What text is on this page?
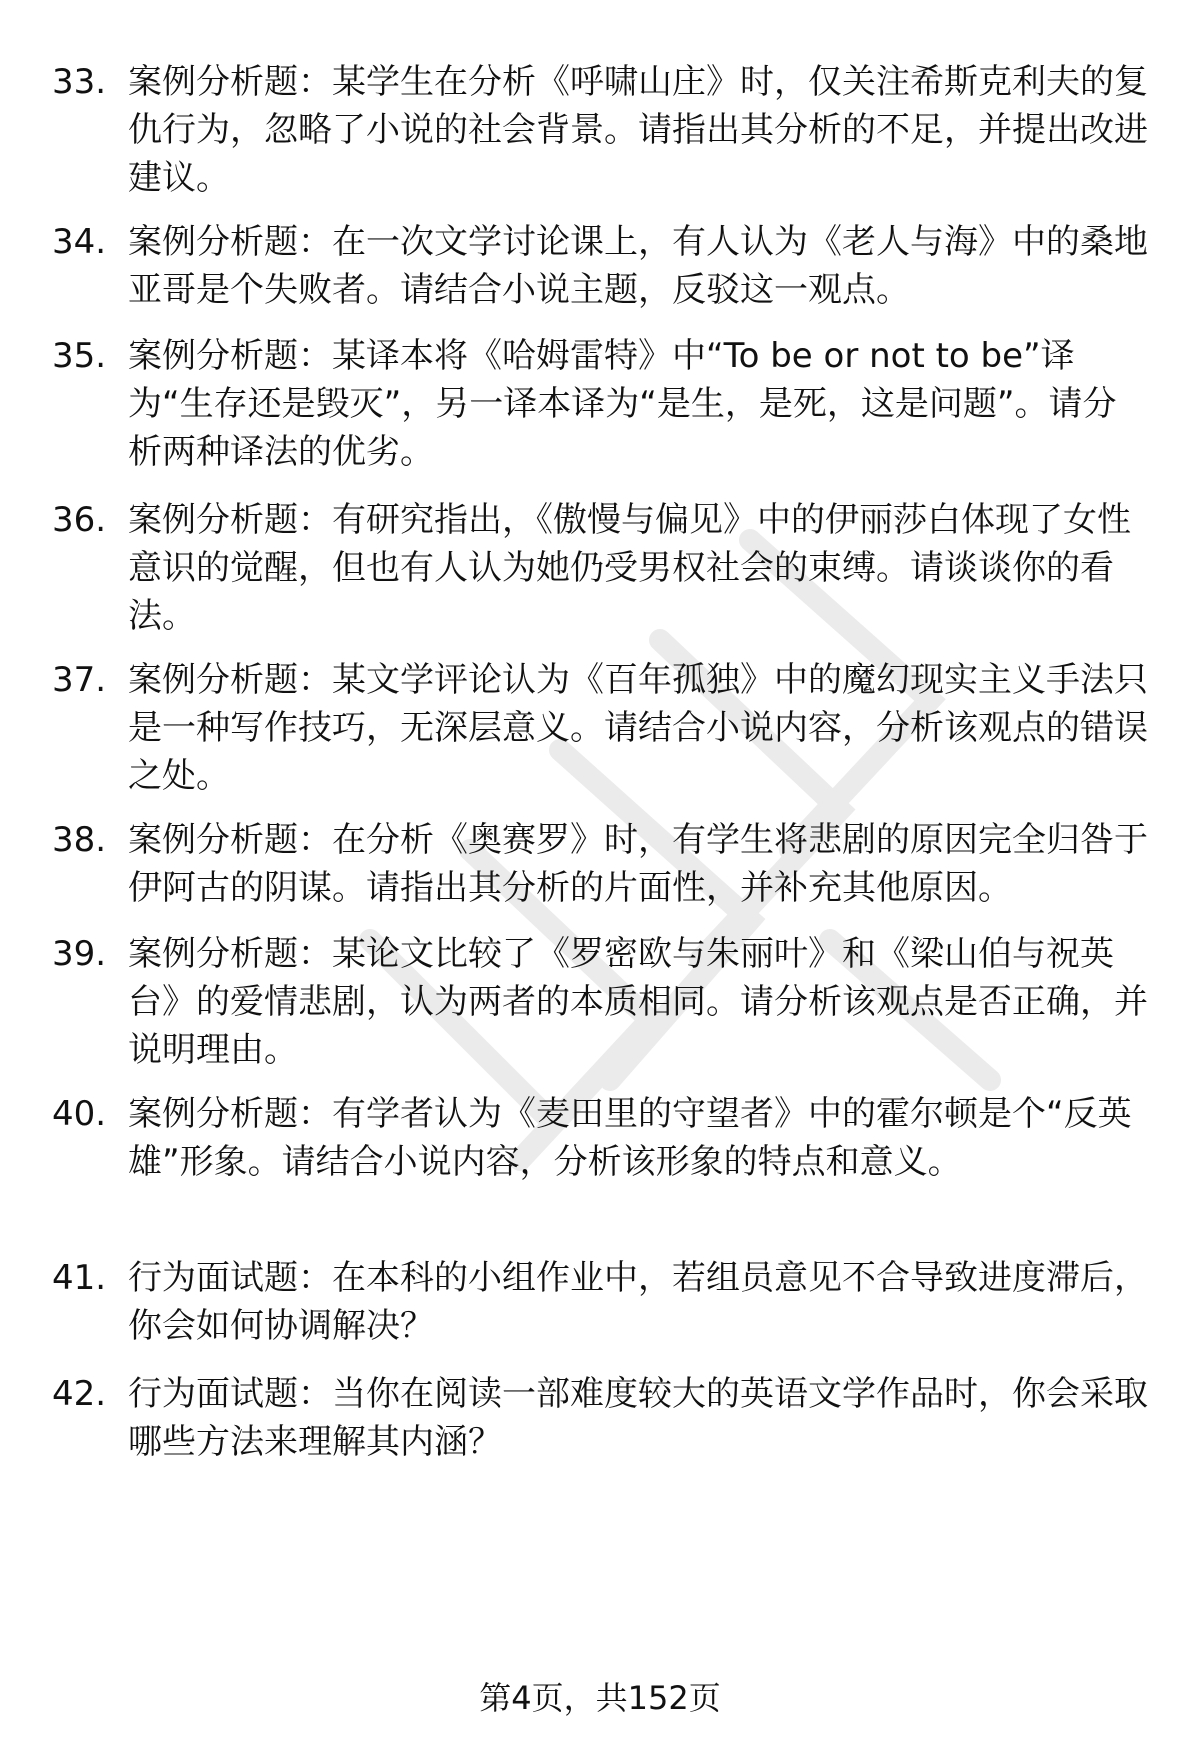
33. 案例分析题：某学生在分析《呼啸山庄》时，仅关注希斯克利夫的复仇行为，忽略了小说的社会背景。请指出其分析的不足，并提出改进建议。
34. 案例分析题：在一次文学讨论课上，有人认为《老人与海》中的桑地亚哥是个失败者。请结合小说主题，反驳这一观点。
35. 案例分析题：某译本将《哈姆雷特》中“To be or not to be”译为“生存还是毁灭”，另一译本译为“是生，是死，这是问题”。请分析两种译法的优劣。
36. 案例分析题：有研究指出，《傲慢与偏见》中的伊丽莎白体现了女性意识的觉醒，但也有人认为她仍受男权社会的束缚。请谈谈你的看法。
37. 案例分析题：某文学评论认为《百年孤独》中的魔幻现实主义手法只是一种写作技巧，无深层意义。请结合小说内容，分析该观点的错误之处。
38. 案例分析题：在分析《奥赛罗》时，有学生将悲剧的原因完全归咎于伊阿古的阴谋。请指出其分析的片面性，并补充其他原因。
39. 案例分析题：某论文比较了《罗密欧与朱丽叶》和《梁山伯与祝英台》的爱情悲剧，认为两者的本质相同。请分析该观点是否正确，并说明理由。
40. 案例分析题：有学者认为《麦田里的守望者》中的霍尔顿是个“反英雄”形象。请结合小说内容，分析该形象的特点和意义。
41. 行为面试题：在本科的小组作业中，若组员意见不合导致进度滞后，你会如何协调解决？
42. 行为面试题：当你在阅读一部难度较大的英语文学作品时，你会采取哪些方法来理解其内涵？
第4页，共152页
